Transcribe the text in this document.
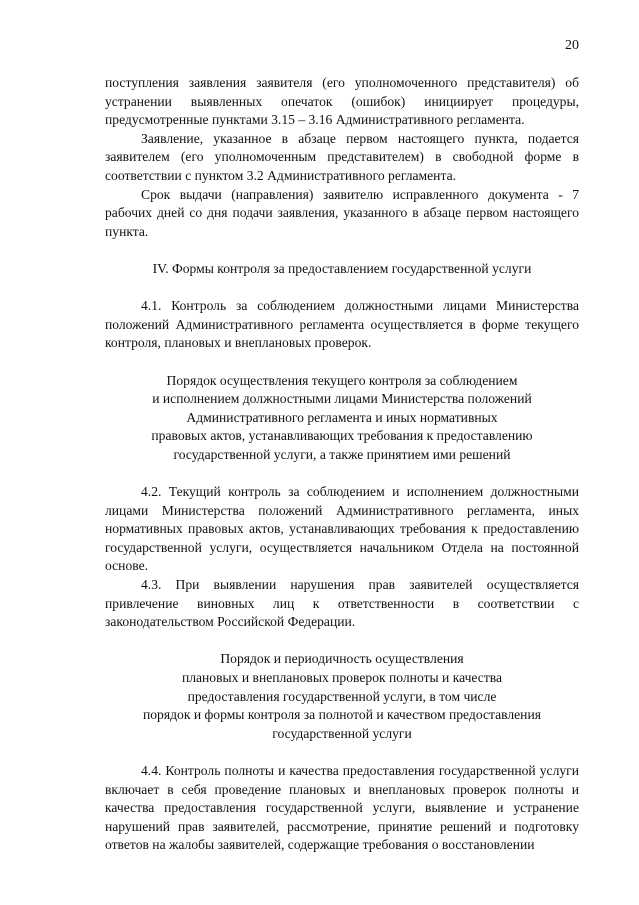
20

поступления заявления заявителя (его уполномоченного представителя) об устранении выявленных опечаток (ошибок) инициирует процедуры, предусмотренные пунктами 3.15 – 3.16 Административного регламента.

Заявление, указанное в абзаце первом настоящего пункта, подается заявителем (его уполномоченным представителем) в свободной форме в соответствии с пунктом 3.2 Административного регламента.

Срок выдачи (направления) заявителю исправленного документа - 7 рабочих дней со дня подачи заявления, указанного в абзаце первом настоящего пункта.

IV. Формы контроля за предоставлением государственной услуги

4.1. Контроль за соблюдением должностными лицами Министерства положений Административного регламента осуществляется в форме текущего контроля, плановых и внеплановых проверок.

Порядок осуществления текущего контроля за соблюдением

и исполнением должностными лицами Министерства положений

Административного регламента и иных нормативных

правовых актов, устанавливающих требования к предоставлению

государственной услуги, а также принятием ими решений

4.2. Текущий контроль за соблюдением и исполнением должностными лицами Министерства положений Административного регламента, иных нормативных правовых актов, устанавливающих требования к предоставлению государственной услуги, осуществляется начальником Отдела на постоянной основе.

4.3. При выявлении нарушения прав заявителей осуществляется привлечение виновных лиц к ответственности в соответствии с законодательством Российской Федерации.

Порядок и периодичность осуществления

плановых и внеплановых проверок полноты и качества

предоставления государственной услуги, в том числе

порядок и формы контроля за полнотой и качеством предоставления

государственной услуги

4.4. Контроль полноты и качества предоставления государственной услуги включает в себя проведение плановых и внеплановых проверок полноты и качества предоставления государственной услуги, выявление и устранение нарушений прав заявителей, рассмотрение, принятие решений и подготовку ответов на жалобы заявителей, содержащие требования о восстановлении
